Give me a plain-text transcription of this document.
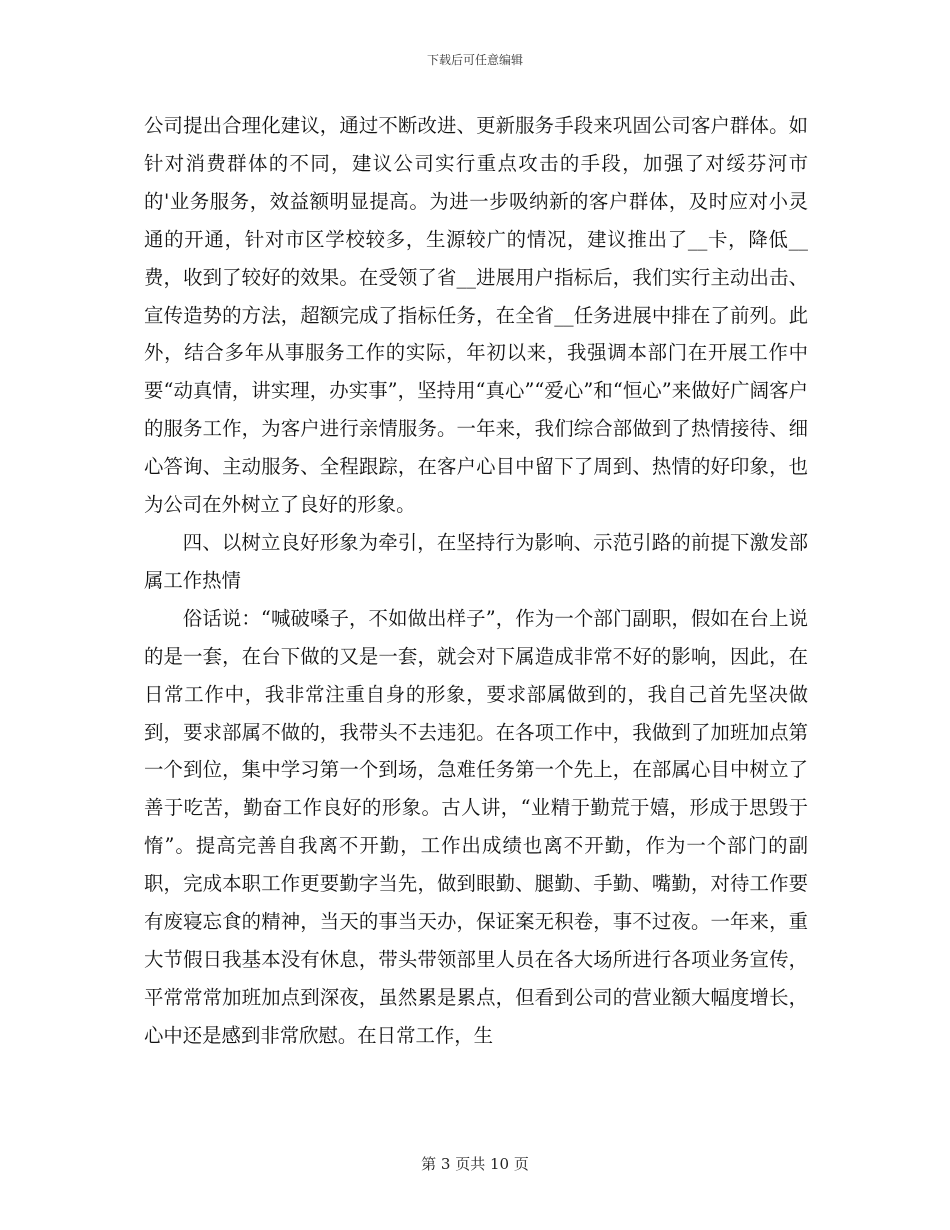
下载后可任意编辑

公司提出合理化建议，通过不断改进、更新服务手段来巩固公司客户群体。如针对消费群体的不同，建议公司实行重点攻击的手段，加强了对绥芬河市的'业务服务，效益额明显提高。为进一步吸纳新的客户群体，及时应对小灵通的开通，针对市区学校较多，生源较广的情况，建议推出了__卡，降低__费，收到了较好的效果。在受领了省__进展用户指标后，我们实行主动出击、宣传造势的方法，超额完成了指标任务，在全省__任务进展中排在了前列。此外，结合多年从事服务工作的实际，年初以来，我强调本部门在开展工作中要“动真情，讲实理，办实事”，坚持用“真心”“爱心”和“恒心”来做好广阔客户的服务工作，为客户进行亲情服务。一年来，我们综合部做到了热情接待、细心答询、主动服务、全程跟踪，在客户心目中留下了周到、热情的好印象，也为公司在外树立了良好的形象。

四、以树立良好形象为牵引，在坚持行为影响、示范引路的前提下激发部属工作热情

俗话说：“喊破嗓子，不如做出样子”，作为一个部门副职，假如在台上说的是一套，在台下做的又是一套，就会对下属造成非常不好的影响，因此，在日常工作中，我非常注重自身的形象，要求部属做到的，我自己首先坚决做到，要求部属不做的，我带头不去违犯。在各项工作中，我做到了加班加点第一个到位，集中学习第一个到场，急难任务第一个先上，在部属心目中树立了善于吃苦，勤奋工作良好的形象。古人讲，“业精于勤荒于嬉，形成于思毁于惰”。提高完善自我离不开勤，工作出成绩也离不开勤，作为一个部门的副职，完成本职工作更要勤字当先，做到眼勤、腿勤、手勤、嘴勤，对待工作要有废寝忘食的精神，当天的事当天办，保证案无积卷，事不过夜。一年来，重大节假日我基本没有休息，带头带领部里人员在各大场所进行各项业务宣传，平常常常加班加点到深夜，虽然累是累点，但看到公司的营业额大幅度增长，心中还是感到非常欣慰。在日常工作，生

第 3 页共 10 页
